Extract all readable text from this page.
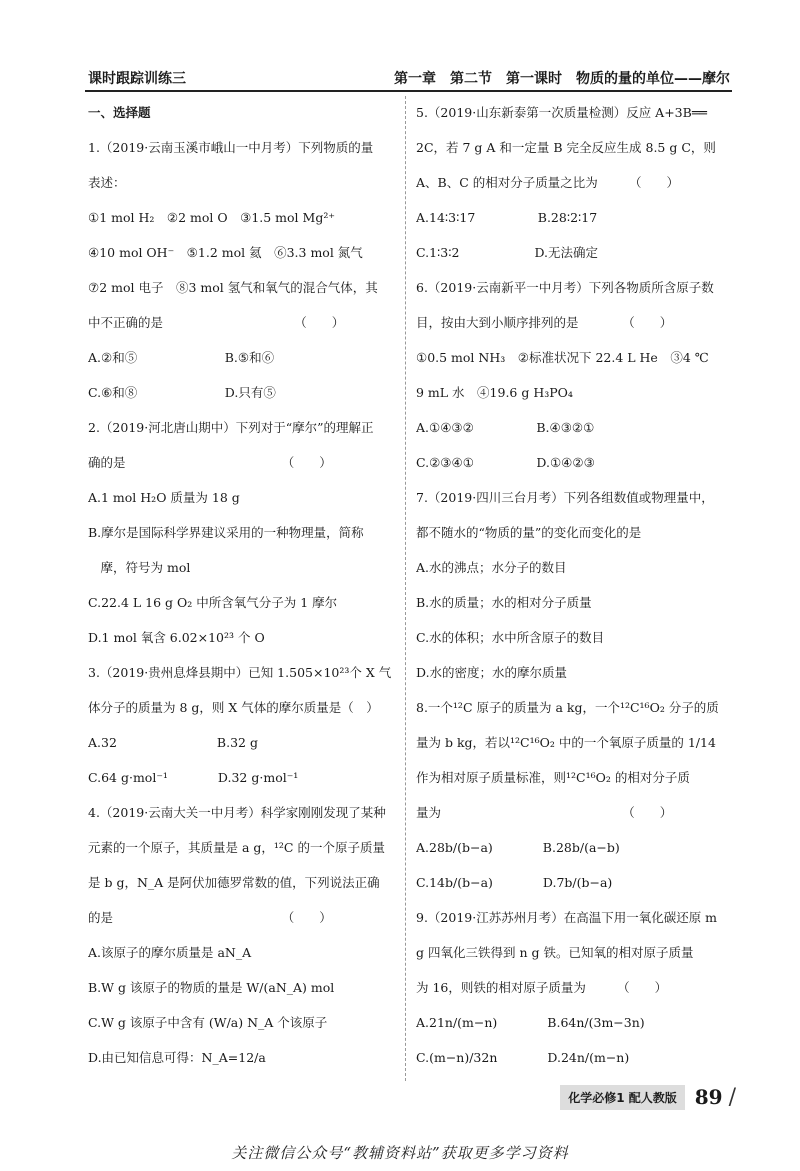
课时跟踪训练三	第一章　第二节　第一课时　物质的量的单位——摩尔
一、选择题
1.（2019·云南玉溪市峨山一中月考）下列物质的量
表述：
①1 mol H₂　②2 mol O　③1.5 mol Mg²⁺
④10 mol OH⁻　⑤1.2 mol 氦　⑥3.3 mol 氮气
⑦2 mol 电子　⑧3 mol 氢气和氧气的混合气体，其
中不正确的是　　　　　　　　　　　（　　）
A.②和⑤　　　　　　　B.⑤和⑥
C.⑥和⑧　　　　　　　D.只有⑤
2.（2019·河北唐山期中）下列对于“摩尔”的理解正
确的是　　　　　　　　　　　　　（　　）
A.1 mol H₂O 质量为 18 g
B.摩尔是国际科学界建议采用的一种物理量，简称
　摩，符号为 mol
C.22.4 L 16 g O₂ 中所含氧气分子为 1 摩尔
D.1 mol 氧含 6.02×10²³ 个 O
3.（2019·贵州息烽县期中）已知 1.505×10²³个 X 气
体分子的质量为 8 g，则 X 气体的摩尔质量是（　）
A.32　　　　　　　　B.32 g
C.64 g·mol⁻¹　　　　D.32 g·mol⁻¹
4.（2019·云南大关一中月考）科学家刚刚发现了某种
元素的一个原子，其质量是 a g，¹²C 的一个原子质量
是 b g，N_A 是阿伏加德罗常数的值，下列说法正确
的是　　　　　　　　　　　　　　（　　）
A.该原子的摩尔质量是 aN_A
B.W g 该原子的物质的量是 W/(aN_A) mol
C.W g 该原子中含有 (W/a) N_A 个该原子
D.由已知信息可得：N_A=12/a
5.（2019·山东新泰第一次质量检测）反应 A+3B══
2C，若 7 g A 和一定量 B 完全反应生成 8.5 g C，则
A、B、C 的相对分子质量之比为　　　（　　）
A.14∶3∶17　　　　　B.28∶2∶17
C.1∶3∶2　　　　　　D.无法确定
6.（2019·云南新平一中月考）下列各物质所含原子数
目，按由大到小顺序排列的是　　　　（　　）
①0.5 mol NH₃　②标准状况下 22.4 L He　③4 ℃
9 mL 水　④19.6 g H₃PO₄
A.①④③②　　　　　B.④③②①
C.②③④①　　　　　D.①④②③
7.（2019·四川三台月考）下列各组数值或物理量中，
都不随水的“物质的量”的变化而变化的是
A.水的沸点；水分子的数目
B.水的质量；水的相对分子质量
C.水的体积；水中所含原子的数目
D.水的密度；水的摩尔质量
8.一个¹²C 原子的质量为 a kg，一个¹²C¹⁶O₂ 分子的质
量为 b kg，若以¹²C¹⁶O₂ 中的一个氧原子质量的 1/14
作为相对原子质量标准，则¹²C¹⁶O₂ 的相对分子质
量为　　　　　　　　　　　　　　　（　　）
A.28b/(b−a)　　　　B.28b/(a−b)
C.14b/(b−a)　　　　D.7b/(b−a)
9.（2019·江苏苏州月考）在高温下用一氧化碳还原 m
g 四氧化三铁得到 n g 铁。已知氧的相对原子质量
为 16，则铁的相对原子质量为　　　（　　）
A.21n/(m−n)　　　　B.64n/(3m−3n)
C.(m−n)/32n　　　　D.24n/(m−n)
化学必修1 配人教版 89 /
关注微信公众号“教辅资料站”获取更多学习资料
